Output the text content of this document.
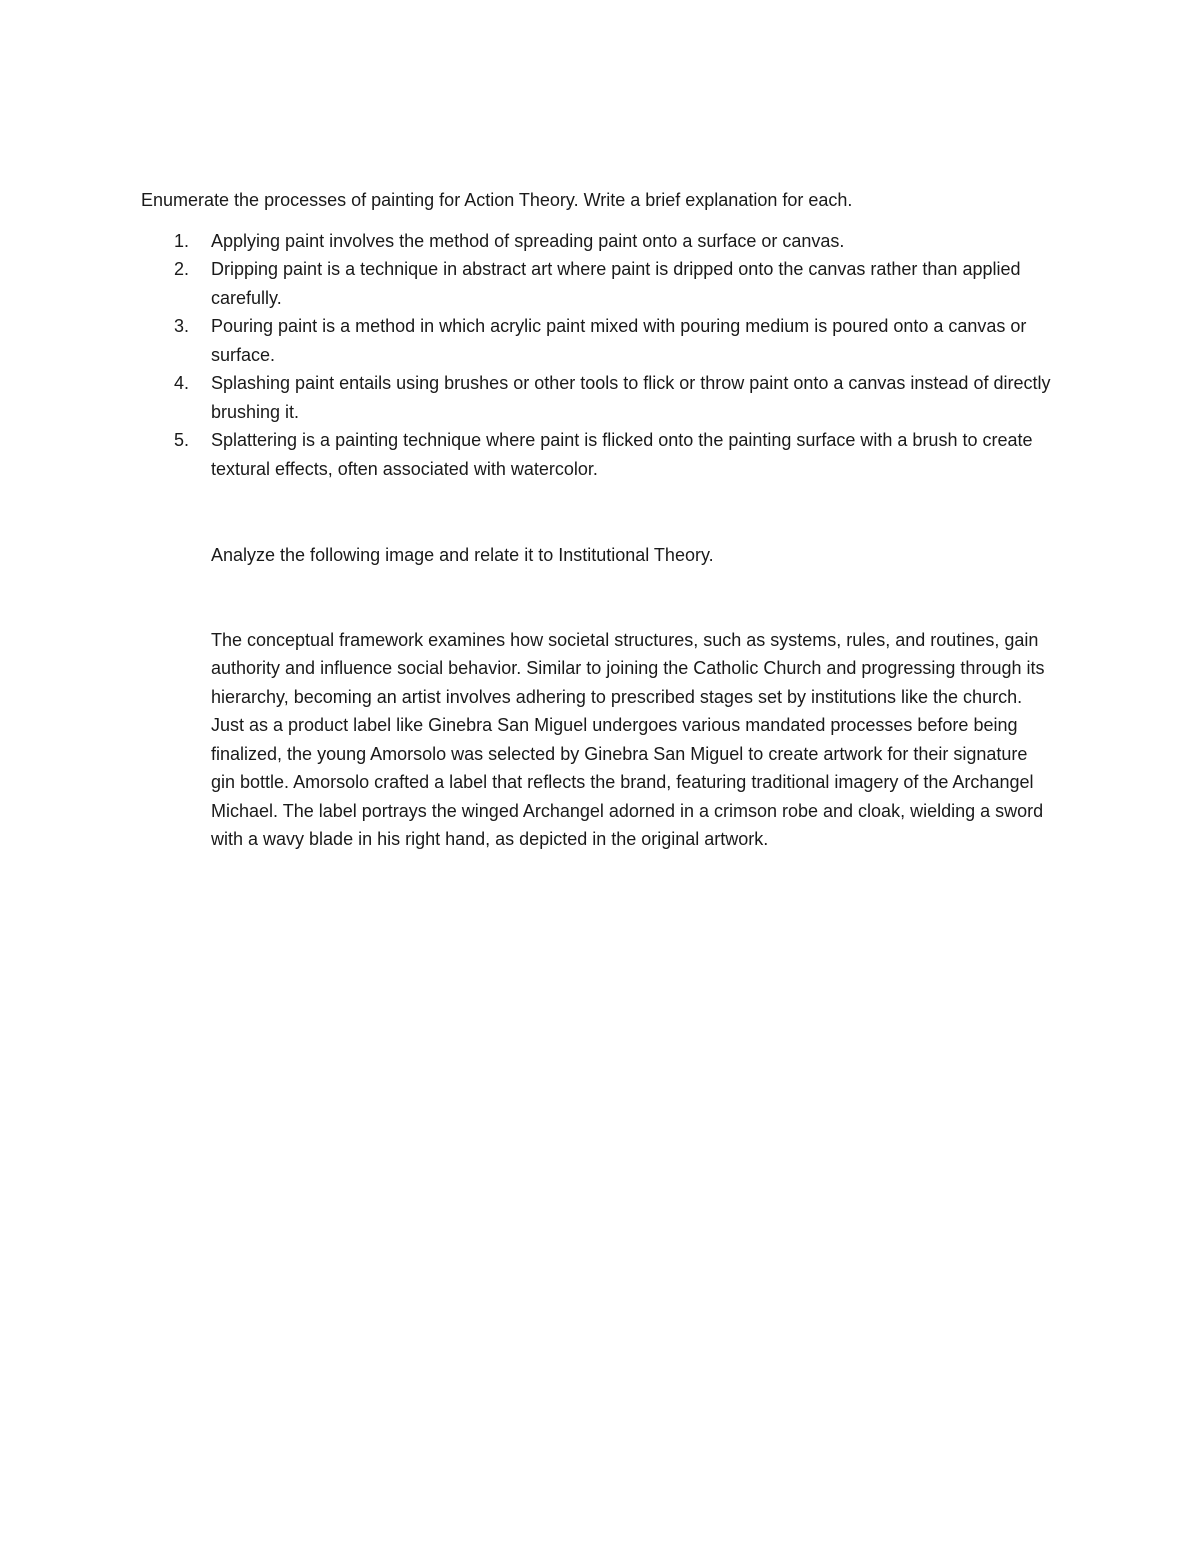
Enumerate the processes of painting for Action Theory. Write a brief explanation for each.

1. Applying paint involves the method of spreading paint onto a surface or canvas.
2. Dripping paint is a technique in abstract art where paint is dripped onto the canvas rather than applied carefully.
3. Pouring paint is a method in which acrylic paint mixed with pouring medium is poured onto a canvas or surface.
4. Splashing paint entails using brushes or other tools to flick or throw paint onto a canvas instead of directly brushing it.
5. Splattering is a painting technique where paint is flicked onto the painting surface with a brush to create textural effects, often associated with watercolor.

Analyze the following image and relate it to Institutional Theory.

The conceptual framework examines how societal structures, such as systems, rules, and routines, gain authority and influence social behavior. Similar to joining the Catholic Church and progressing through its hierarchy, becoming an artist involves adhering to prescribed stages set by institutions like the church. Just as a product label like Ginebra San Miguel undergoes various mandated processes before being finalized, the young Amorsolo was selected by Ginebra San Miguel to create artwork for their signature gin bottle. Amorsolo crafted a label that reflects the brand, featuring traditional imagery of the Archangel Michael. The label portrays the winged Archangel adorned in a crimson robe and cloak, wielding a sword with a wavy blade in his right hand, as depicted in the original artwork.
